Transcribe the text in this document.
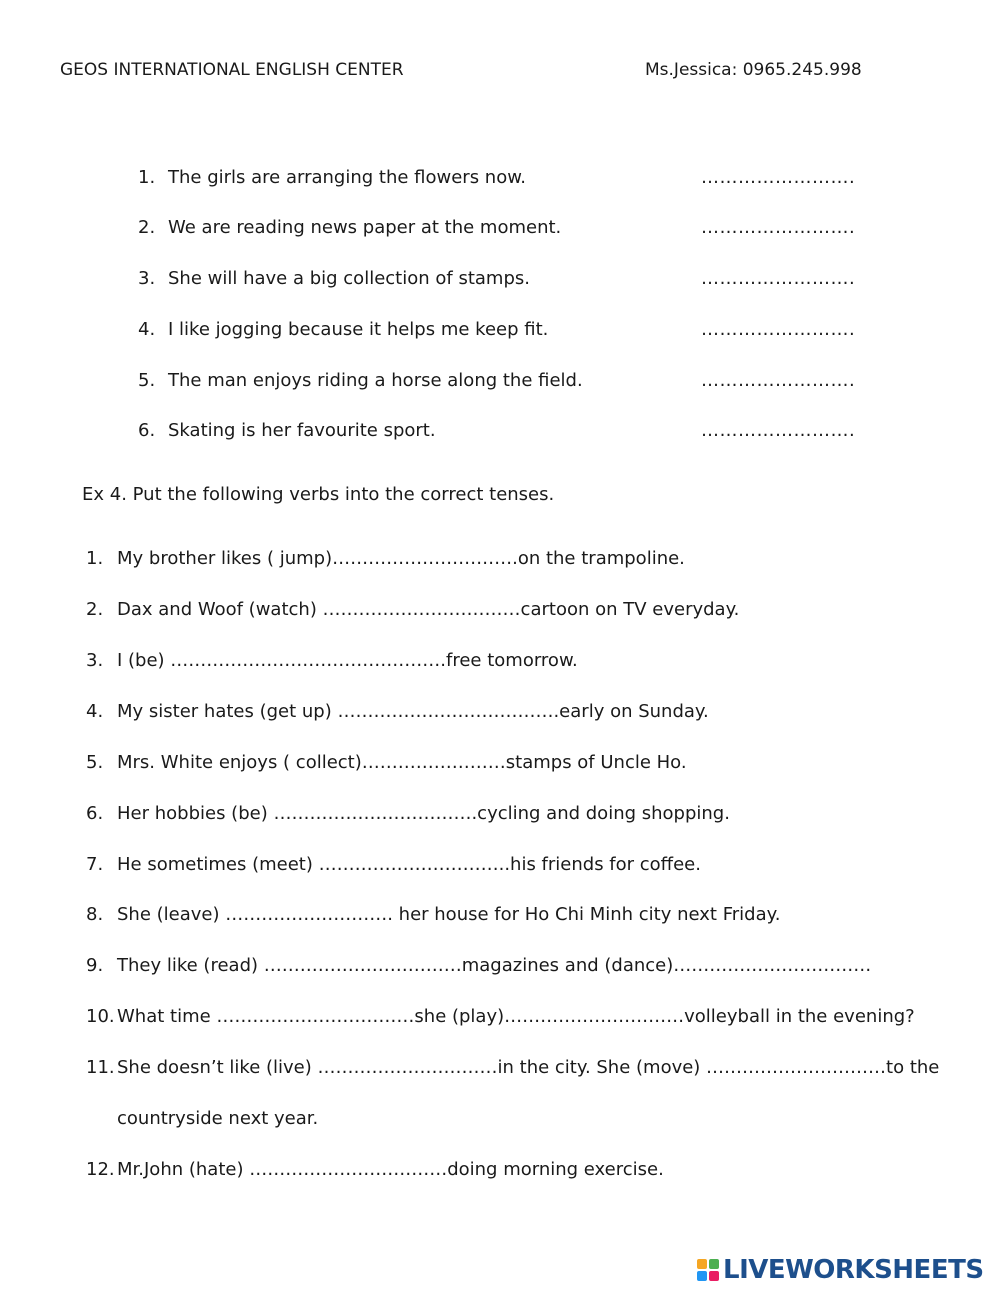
GEOS INTERNATIONAL ENGLISH CENTER	Ms.Jessica: 0965.245.998
1. The girls are arranging the flowers now.	…………………….
2. We are reading news paper at the moment.	…………………….
3. She will have a big collection of stamps.	…………………….
4. I like jogging because it helps me keep fit.	…………………….
5. The man enjoys riding a horse along the field.	…………………….
6. Skating is her favourite sport.	…………………….
Ex 4. Put the following verbs into the correct tenses.
1. My brother likes ( jump)………………………….on the trampoline.
2. Dax and Woof (watch) ……………………………cartoon on TV everyday.
3. I (be) ……………………………………….free tomorrow.
4. My sister hates (get up) ……………………………….early on Sunday.
5. Mrs. White enjoys ( collect)……………………stamps of Uncle Ho.
6. Her hobbies (be) …………………………….cycling and doing shopping.
7. He sometimes (meet) …………………………..his friends for coffee.
8. She (leave) ………………………. her house for Ho Chi Minh city next Friday.
9. They like (read) ……………………………magazines and (dance)……………………………
10. What time ……………………………she (play)…………………………volleyball in the evening?
11. She doesn’t like (live) …………………………in the city. She (move) …………………………to the
countryside next year.
12. Mr.John (hate) ……………………………doing morning exercise.
LIVEWORKSHEETS
